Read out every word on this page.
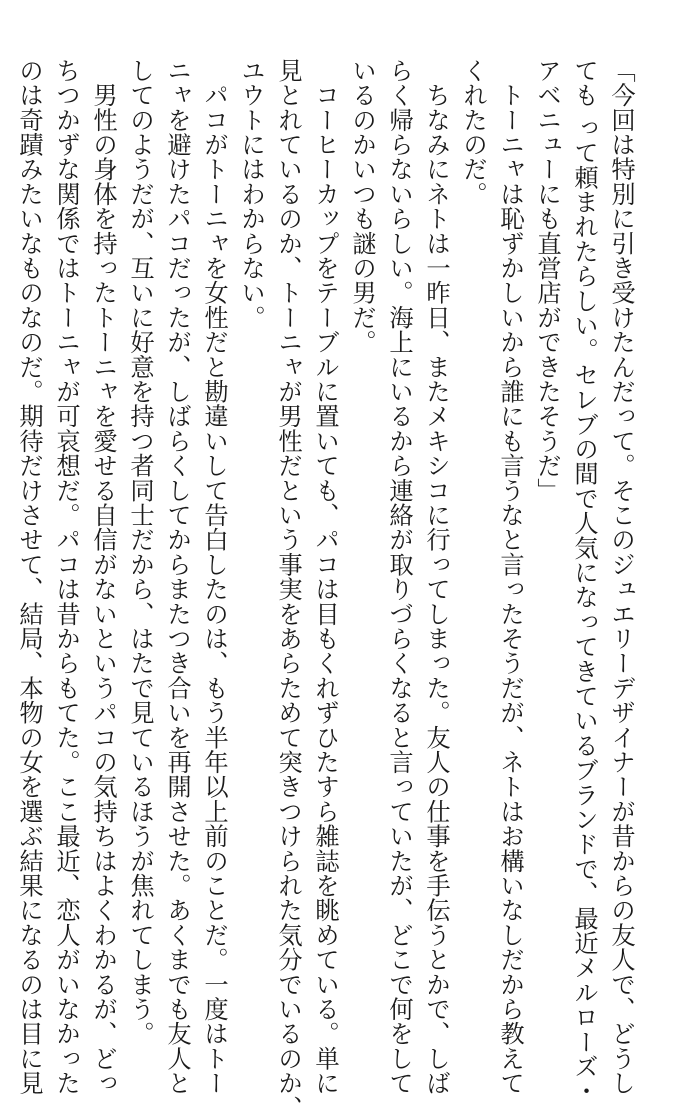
「今回は特別に引き受けたんだって。そこのジュエリーデザイナーが昔からの友人で、どうし
ても って頼まれたらしい。セレブの間で人気になってきているブランドで、最近メルローズ・
アベニューにも直営店ができたそうだ」
　トーニャは恥ずかしいから誰にも言うなと言ったそうだが、ネトはお構いなしだから教えて
くれたのだ。
　ちなみにネトは一昨日、またメキシコに行ってしまった。友人の仕事を手伝うとかで、しば
らく帰らないらしい。海上にいるから連絡が取りづらくなると言っていたが、どこで何をして
いるのかいつも謎の男だ。
　コーヒーカップをテーブルに置いても、パコは目もくれずひたすら雑誌を眺めている。単に
見とれているのか、トーニャが男性だという事実をあらためて突きつけられた気分でいるのか、
ユウトにはわからない。
　パコがトーニャを女性だと勘違いして告白したのは、もう半年以上前のことだ。一度はトー
ニャを避けたパコだったが、しばらくしてからまたつき合いを再開させた。あくまでも友人と
してのようだが、互いに好意を持つ者同士だから、はたで見ているほうが焦れてしまう。
　男性の身体を持ったトーニャを愛せる自信がないというパコの気持ちはよくわかるが、どっ
ちつかずな関係ではトーニャが可哀想だ。パコは昔からもてた。ここ最近、恋人がいなかった
のは奇蹟みたいなものなのだ。期待だけさせて、結局、本物の女を選ぶ結果になるのは目に見
